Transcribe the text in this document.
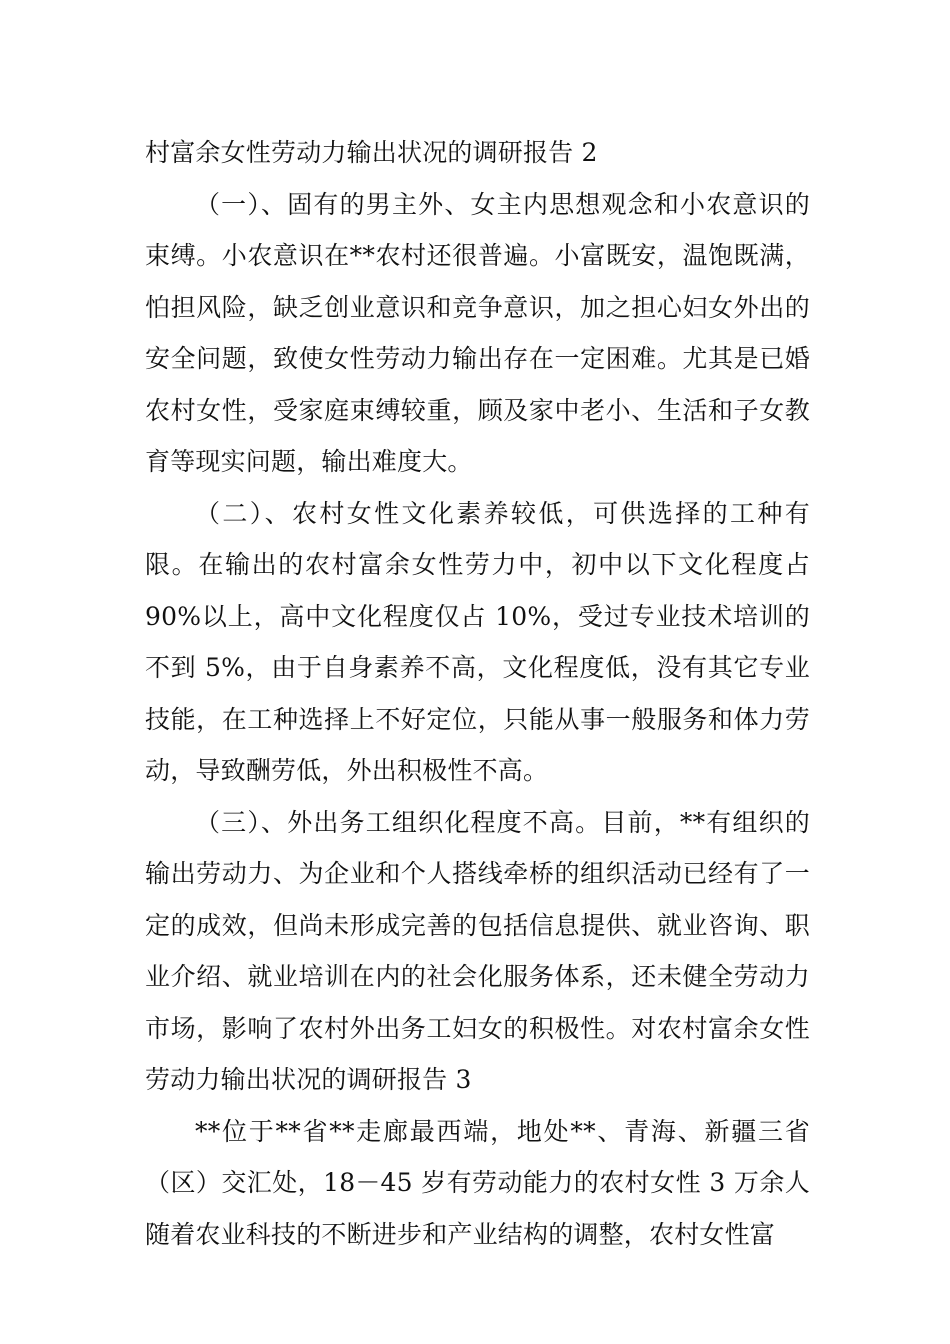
村富余女性劳动力输出状况的调研报告 2

（一）、固有的男主外、女主内思想观念和小农意识的束缚。小农意识在**农村还很普遍。小富既安，温饱既满，怕担风险，缺乏创业意识和竞争意识，加之担心妇女外出的安全问题，致使女性劳动力输出存在一定困难。尤其是已婚农村女性，受家庭束缚较重，顾及家中老小、生活和子女教育等现实问题，输出难度大。

（二）、农村女性文化素养较低，可供选择的工种有限。在输出的农村富余女性劳力中，初中以下文化程度占90%以上，高中文化程度仅占 10%，受过专业技术培训的不到 5%，由于自身素养不高，文化程度低，没有其它专业技能，在工种选择上不好定位，只能从事一般服务和体力劳动，导致酬劳低，外出积极性不高。

（三）、外出务工组织化程度不高。目前，**有组织的输出劳动力、为企业和个人搭线牵桥的组织活动已经有了一定的成效，但尚未形成完善的包括信息提供、就业咨询、职业介绍、就业培训在内的社会化服务体系，还未健全劳动力市场，影响了农村外出务工妇女的积极性。对农村富余女性劳动力输出状况的调研报告 3

**位于**省**走廊最西端，地处**、青海、新疆三省（区）交汇处，18－45 岁有劳动能力的农村女性 3 万余人随着农业科技的不断进步和产业结构的调整，农村女性富
